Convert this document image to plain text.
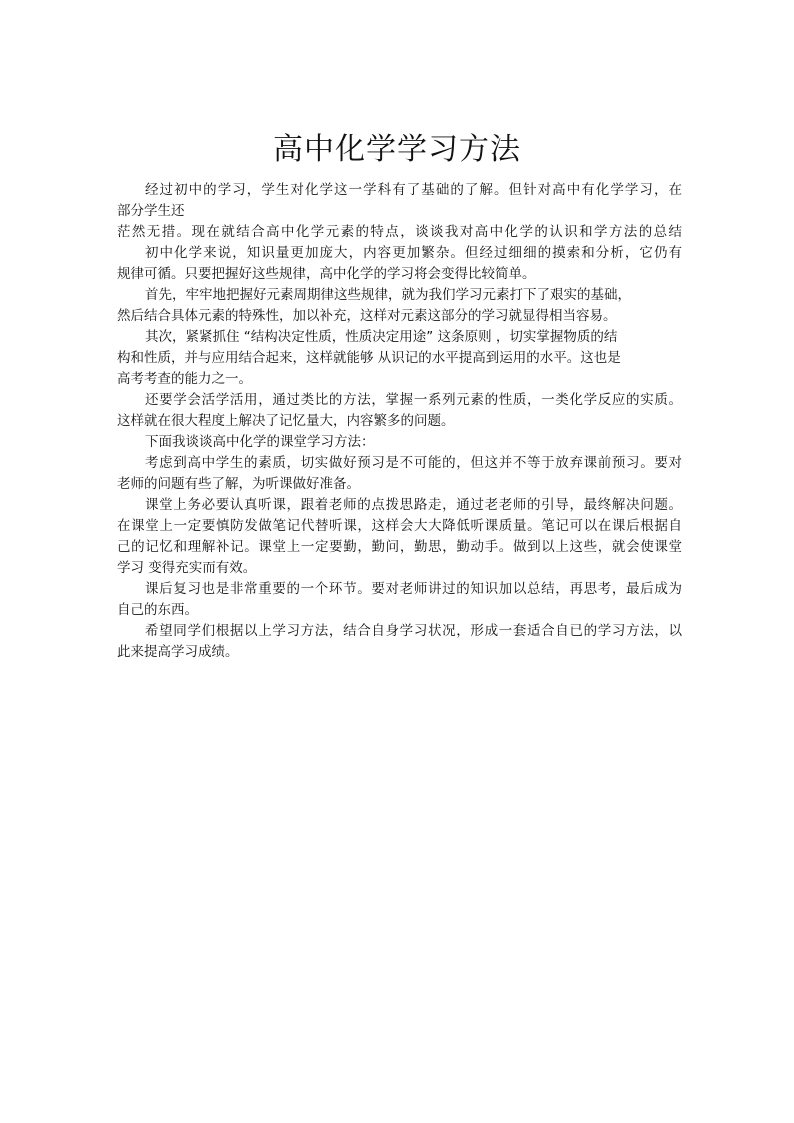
高中化学学习方法
经过初中的学习，学生对化学这一学科有了基础的了解。但针对高中有化学学习，在
部分学生还
茫然无措。现在就结合高中化学元素的特点，谈谈我对高中化学的认识和学方法的总结
初中化学来说，知识量更加庞大，内容更加繁杂。但经过细细的摸索和分析，它仍有
规律可循。只要把握好这些规律，高中化学的学习将会变得比较简单。
首先，牢牢地把握好元素周期律这些规律，就为我们学习元素打下了艰实的基础，
然后结合具体元素的特殊性，加以补充，这样对元素这部分的学习就显得相当容易。
其次，紧紧抓住 “结构决定性质，性质决定用途” 这条原则 ，切实掌握物质的结
构和性质，并与应用结合起来，这样就能够 从识记的水平提高到运用的水平。这也是
高考考查的能力之一。
还要学会活学活用，通过类比的方法，掌握一系列元素的性质，一类化学反应的实质。
这样就在很大程度上解决了记忆量大，内容繁多的问题。
下面我谈谈高中化学的课堂学习方法：
考虑到高中学生的素质，切实做好预习是不可能的，但这并不等于放弃课前预习。要对
老师的问题有些了解，为听课做好准备。
课堂上务必要认真听课，跟着老师的点拨思路走，通过老老师的引导，最终解决问题。
在课堂上一定要慎防发做笔记代替听课，这样会大大降低听课质量。笔记可以在课后根据自
己的记忆和理解补记。课堂上一定要勤，勤问，勤思，勤动手。做到以上这些，就会使课堂
学习 变得充实而有效。
课后复习也是非常重要的一个环节。要对老师讲过的知识加以总结，再思考，最后成为
自己的东西。
希望同学们根据以上学习方法，结合自身学习状况，形成一套适合自已的学习方法，以
此来提高学习成绩。
